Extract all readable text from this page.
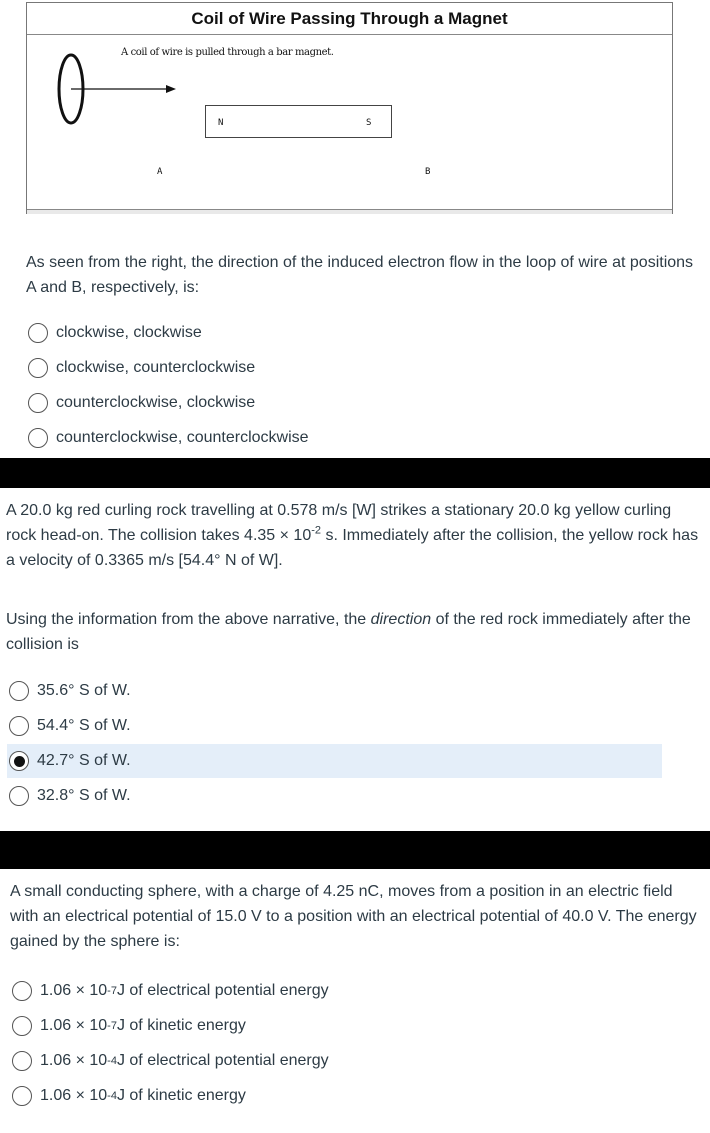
Coil of Wire Passing Through a Magnet
A coil of wire is pulled through a bar magnet.
N	S
A	B
As seen from the right, the direction of the induced electron flow in the loop of wire at positions A and B, respectively, is:
clockwise, clockwise
clockwise, counterclockwise
counterclockwise, clockwise
counterclockwise, counterclockwise
A 20.0 kg red curling rock travelling at 0.578 m/s [W] strikes a stationary 20.0 kg yellow curling rock head-on. The collision takes $4.35 \times 10^{-2}$ s. Immediately after the collision, the yellow rock has a velocity of 0.3365 m/s [54.4° N of W].
Using the information from the above narrative, the direction of the red rock immediately after the collision is
35.6° S of W.
54.4° S of W.
42.7° S of W.
32.8° S of W.
A small conducting sphere, with a charge of 4.25 nC, moves from a position in an electric field with an electrical potential of 15.0 V to a position with an electrical potential of 40.0 V. The energy gained by the sphere is:
1.06 × 10 -7 J of electrical potential energy
1.06 × 10 -7 J of kinetic energy
1.06 × 10 -4 J of electrical potential energy
1.06 × 10 -4 J of kinetic energy
